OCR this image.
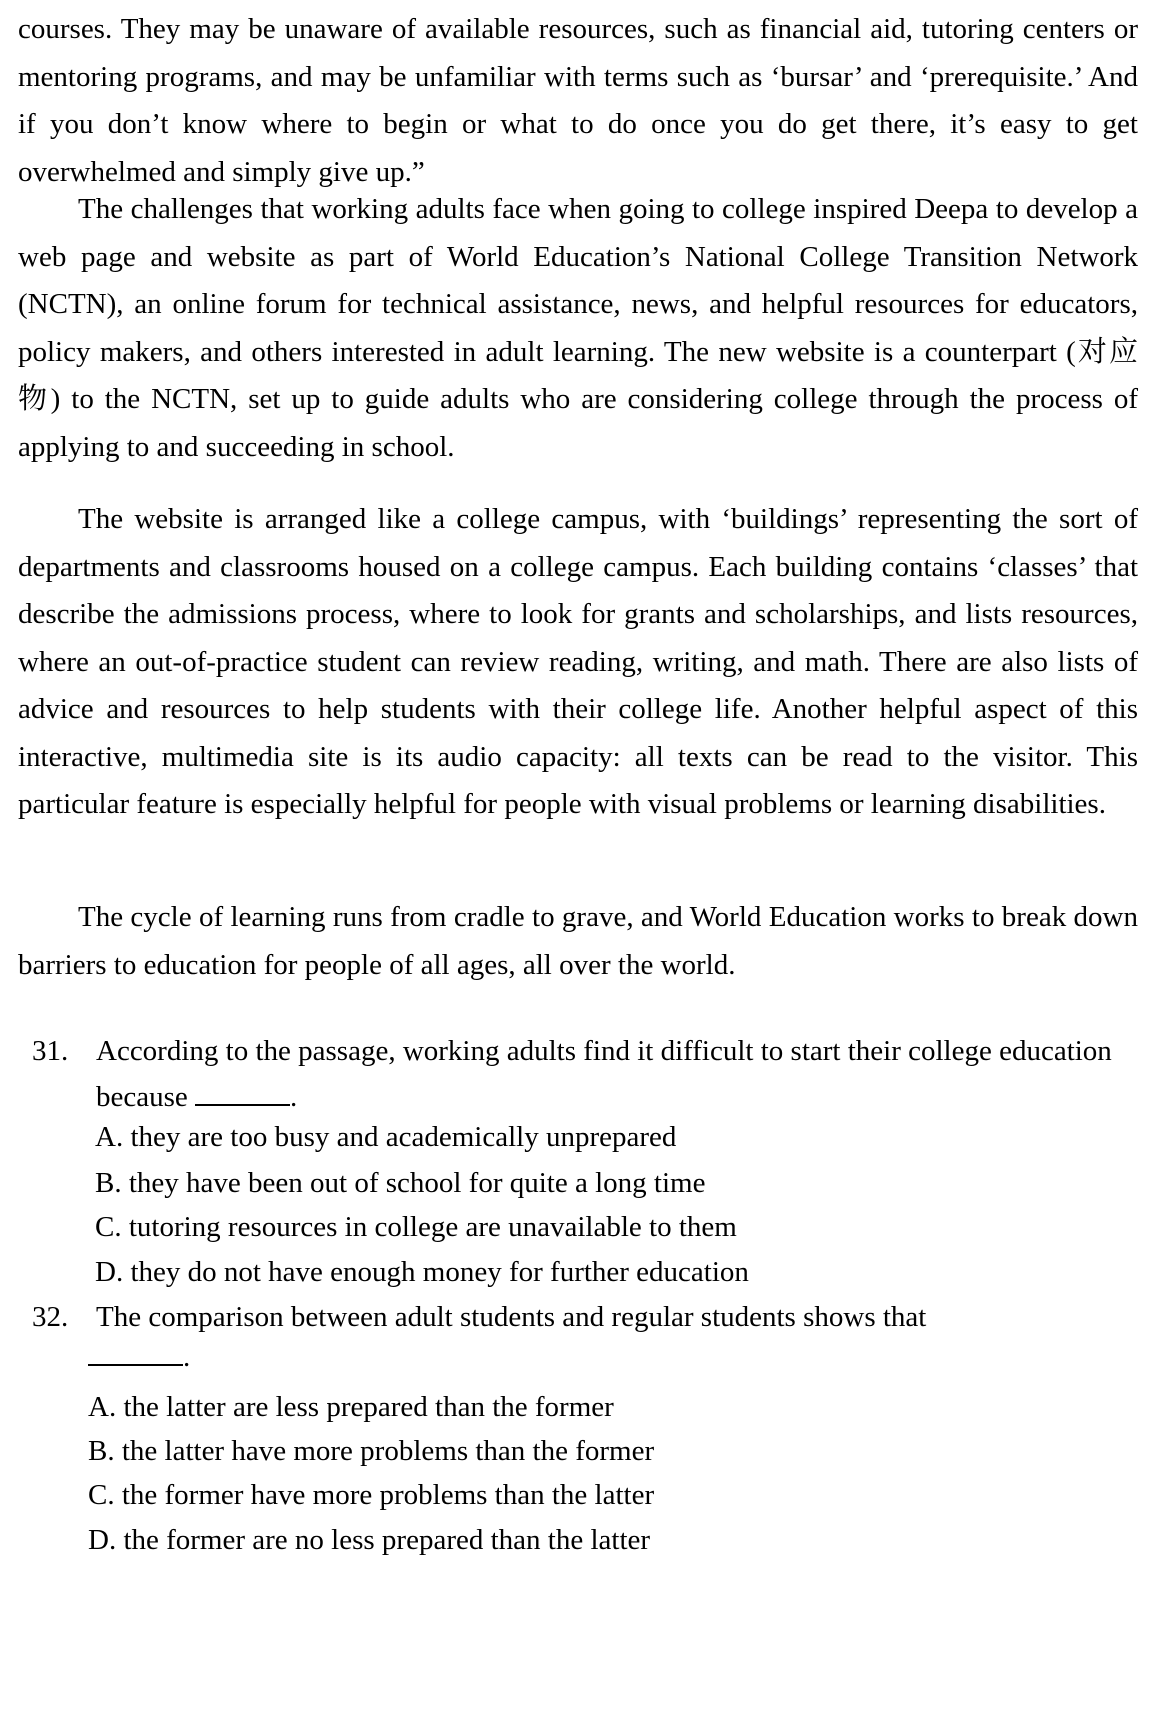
courses. They may be unaware of available resources, such as financial aid, tutoring centers or mentoring programs, and may be unfamiliar with terms such as ‘bursar’ and ‘prerequisite.’ And if you don’t know where to begin or what to do once you do get there, it’s easy to get overwhelmed and simply give up.”

The challenges that working adults face when going to college inspired Deepa to develop a web page and website as part of World Education’s National College Transition Network (NCTN), an online forum for technical assistance, news, and helpful resources for educators, policy makers, and others interested in adult learning. The new website is a counterpart (对应物) to the NCTN, set up to guide adults who are considering college through the process of applying to and succeeding in school.

The website is arranged like a college campus, with ‘buildings’ representing the sort of departments and classrooms housed on a college campus. Each building contains ‘classes’ that describe the admissions process, where to look for grants and scholarships, and lists resources, where an out-of-practice student can review reading, writing, and math. There are also lists of advice and resources to help students with their college life. Another helpful aspect of this interactive, multimedia site is its audio capacity: all texts can be read to the visitor. This particular feature is especially helpful for people with visual problems or learning disabilities.

The cycle of learning runs from cradle to grave, and World Education works to break down barriers to education for people of all ages, all over the world.

31. According to the passage, working adults find it difficult to start their college education because	.
A. they are too busy and academically unprepared
B. they have been out of school for quite a long time
C. tutoring resources in college are unavailable to them
D. they do not have enough money for further education
32. The comparison between adult students and regular students shows that
.
A. the latter are less prepared than the former
B. the latter have more problems than the former
C. the former have more problems than the latter
D. the former are no less prepared than the latter
